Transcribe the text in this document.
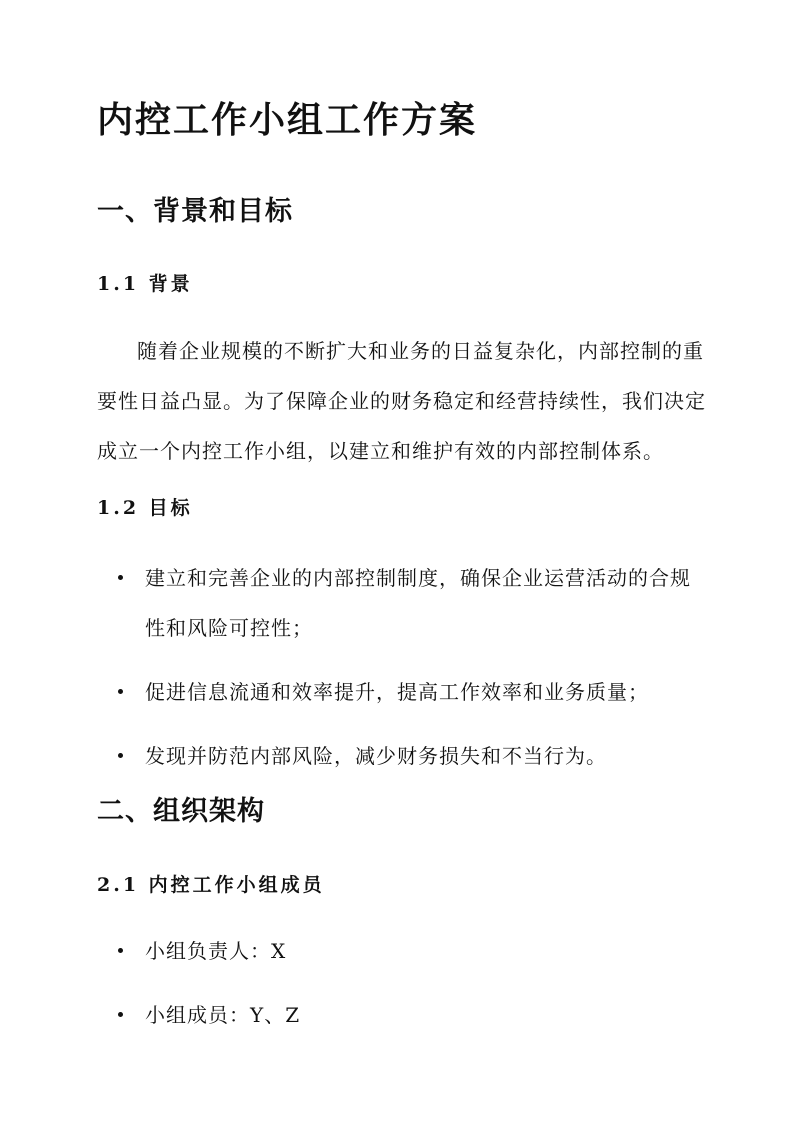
内控工作小组工作方案
一、背景和目标
1.1 背景

随着企业规模的不断扩大和业务的日益复杂化，内部控制的重要性日益凸显。为了保障企业的财务稳定和经营持续性，我们决定成立一个内控工作小组，以建立和维护有效的内部控制体系。

1.2 目标
建立和完善企业的内部控制制度，确保企业运营活动的合规性和风险可控性；
促进信息流通和效率提升，提高工作效率和业务质量；
发现并防范内部风险，减少财务损失和不当行为。
二、组织架构
2.1 内控工作小组成员
小组负责人：X
小组成员：Y、Z
